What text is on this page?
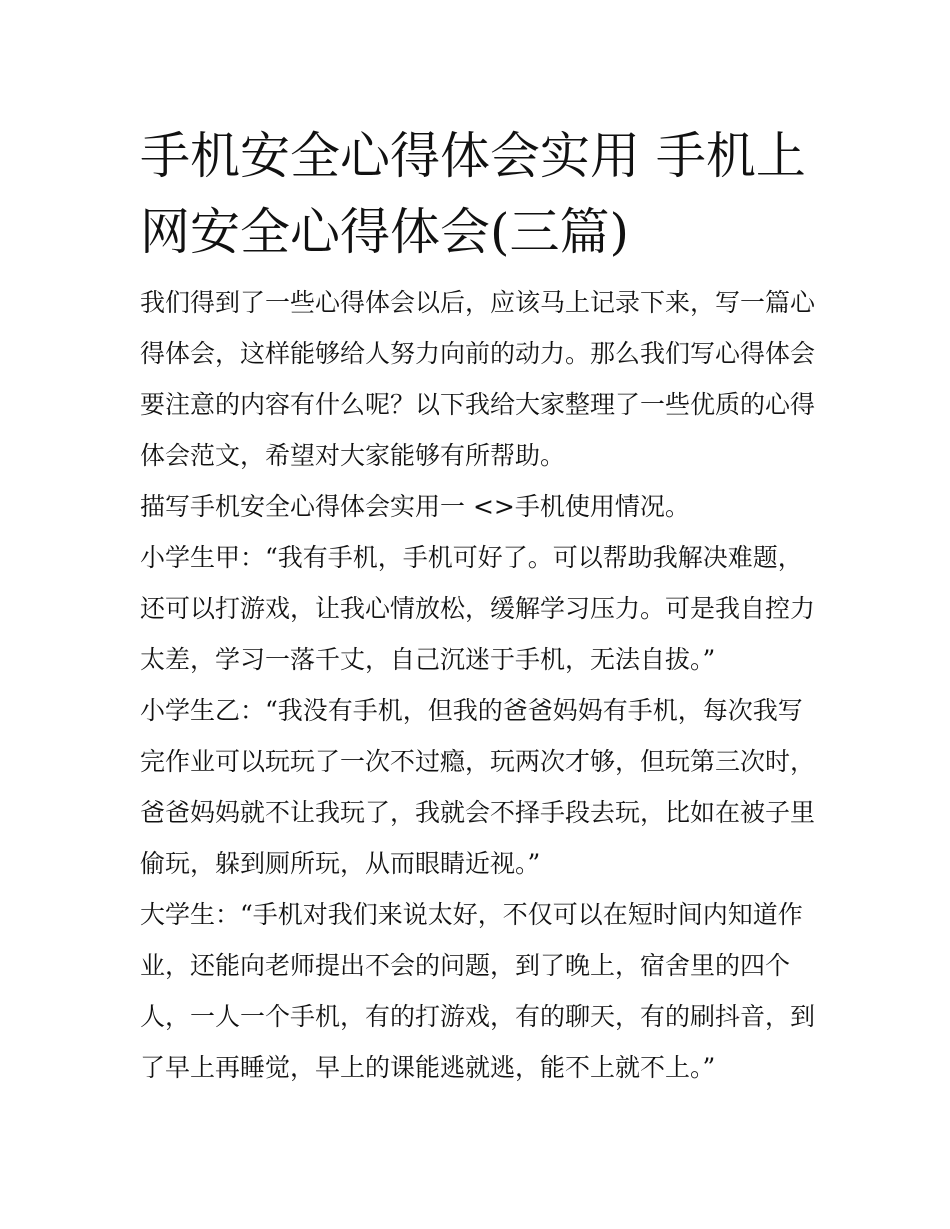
手机安全心得体会实用 手机上
网安全心得体会(三篇)

我们得到了一些心得体会以后，应该马上记录下来，写一篇心
得体会，这样能够给人努力向前的动力。那么我们写心得体会
要注意的内容有什么呢？以下我给大家整理了一些优质的心得
体会范文，希望对大家能够有所帮助。

描写手机安全心得体会实用一 <>手机使用情况。

小学生甲：“我有手机，手机可好了。可以帮助我解决难题，
还可以打游戏，让我心情放松，缓解学习压力。可是我自控力
太差，学习一落千丈，自己沉迷于手机，无法自拔。”

小学生乙：“我没有手机，但我的爸爸妈妈有手机，每次我写
完作业可以玩玩了一次不过瘾，玩两次才够，但玩第三次时，
爸爸妈妈就不让我玩了，我就会不择手段去玩，比如在被子里
偷玩，躲到厕所玩，从而眼睛近视。”

大学生：“手机对我们来说太好，不仅可以在短时间内知道作
业，还能向老师提出不会的问题，到了晚上，宿舍里的四个
人，一人一个手机，有的打游戏，有的聊天，有的刷抖音，到
了早上再睡觉，早上的课能逃就逃，能不上就不上。”
